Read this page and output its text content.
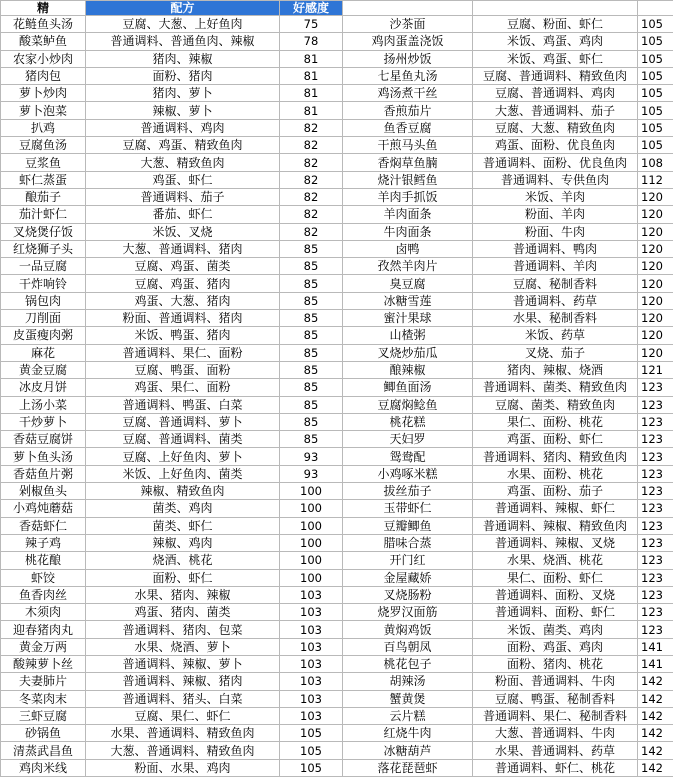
精	配方	好感度			
花鲢鱼头汤	豆腐、大葱、上好鱼肉	75	沙茶面	豆腐、粉面、虾仁	105
酸菜鲈鱼	普通调料、普通鱼肉、辣椒	78	鸡肉蛋盖浇饭	米饭、鸡蛋、鸡肉	105
农家小炒肉	猪肉、辣椒	81	扬州炒饭	米饭、鸡蛋、虾仁	105
猪肉包	面粉、猪肉	81	七星鱼丸汤	豆腐、普通调料、精致鱼肉	105
萝卜炒肉	猪肉、萝卜	81	鸡汤煮干丝	豆腐、普通调料、鸡肉	105
萝卜泡菜	辣椒、萝卜	81	香煎茄片	大葱、普通调料、茄子	105
扒鸡	普通调料、鸡肉	82	鱼香豆腐	豆腐、大葱、精致鱼肉	105
豆腐鱼汤	豆腐、鸡蛋、精致鱼肉	82	干煎马头鱼	鸡蛋、面粉、优良鱼肉	105
豆浆鱼	大葱、精致鱼肉	82	香焖草鱼腩	普通调料、面粉、优良鱼肉	108
虾仁蒸蛋	鸡蛋、虾仁	82	烧汁银鳕鱼	普通调料、专供鱼肉	112
酿茄子	普通调料、茄子	82	羊肉手抓饭	米饭、羊肉	120
茄汁虾仁	番茄、虾仁	82	羊肉面条	粉面、羊肉	120
叉烧煲仔饭	米饭、叉烧	82	牛肉面条	粉面、牛肉	120
红烧狮子头	大葱、普通调料、猪肉	85	卤鸭	普通调料、鸭肉	120
一品豆腐	豆腐、鸡蛋、菌类	85	孜然羊肉片	普通调料、羊肉	120
干炸响铃	豆腐、鸡蛋、猪肉	85	臭豆腐	豆腐、秘制香料	120
锅包肉	鸡蛋、大葱、猪肉	85	冰糖雪莲	普通调料、药草	120
刀削面	粉面、普通调料、猪肉	85	蜜汁果球	水果、秘制香料	120
皮蛋瘦肉粥	米饭、鸭蛋、猪肉	85	山楂粥	米饭、药草	120
麻花	普通调料、果仁、面粉	85	叉烧炒茄瓜	叉烧、茄子	120
黄金豆腐	豆腐、鸭蛋、面粉	85	酿辣椒	猪肉、辣椒、烧酒	121
冰皮月饼	鸡蛋、果仁、面粉	85	鲫鱼面汤	普通调料、菌类、精致鱼肉	123
上汤小菜	普通调料、鸭蛋、白菜	85	豆腐焖鲶鱼	豆腐、菌类、精致鱼肉	123
干炒萝卜	豆腐、普通调料、萝卜	85	桃花糕	果仁、面粉、桃花	123
香菇豆腐饼	豆腐、普通调料、菌类	85	天妇罗	鸡蛋、面粉、虾仁	123
萝卜鱼头汤	豆腐、上好鱼肉、萝卜	93	鸳鸯配	普通调料、猪肉、精致鱼肉	123
香菇鱼片粥	米饭、上好鱼肉、菌类	93	小鸡啄米糕	水果、面粉、桃花	123
剁椒鱼头	辣椒、精致鱼肉	100	拔丝茄子	鸡蛋、面粉、茄子	123
小鸡炖蘑菇	菌类、鸡肉	100	玉带虾仁	普通调料、辣椒、虾仁	123
香菇虾仁	菌类、虾仁	100	豆瓣鲫鱼	普通调料、辣椒、精致鱼肉	123
辣子鸡	辣椒、鸡肉	100	腊味合蒸	普通调料、辣椒、叉烧	123
桃花酿	烧酒、桃花	100	开门红	水果、烧酒、桃花	123
虾饺	面粉、虾仁	100	金屋藏娇	果仁、面粉、虾仁	123
鱼香肉丝	水果、猪肉、辣椒	103	叉烧肠粉	普通调料、面粉、叉烧	123
木须肉	鸡蛋、猪肉、菌类	103	烧罗汉面筋	普通调料、面粉、虾仁	123
迎春猪肉丸	普通调料、猪肉、包菜	103	黄焖鸡饭	米饭、菌类、鸡肉	123
黄金万两	水果、烧酒、萝卜	103	百鸟朝凤	面粉、鸡蛋、鸡肉	141
酸辣萝卜丝	普通调料、辣椒、萝卜	103	桃花包子	面粉、猪肉、桃花	141
夫妻肺片	普通调料、辣椒、猪肉	103	胡辣汤	粉面、普通调料、牛肉	142
冬菜肉末	普通调料、猪头、白菜	103	蟹黄煲	豆腐、鸭蛋、秘制香料	142
三虾豆腐	豆腐、果仁、虾仁	103	云片糕	普通调料、果仁、秘制香料	142
砂锅鱼	水果、普通调料、精致鱼肉	105	红烧牛肉	大葱、普通调料、牛肉	142
清蒸武昌鱼	大葱、普通调料、精致鱼肉	105	冰糖葫芦	水果、普通调料、药草	142
鸡肉米线	粉面、水果、鸡肉	105	落花琵琶虾	普通调料、虾仁、桃花	142
